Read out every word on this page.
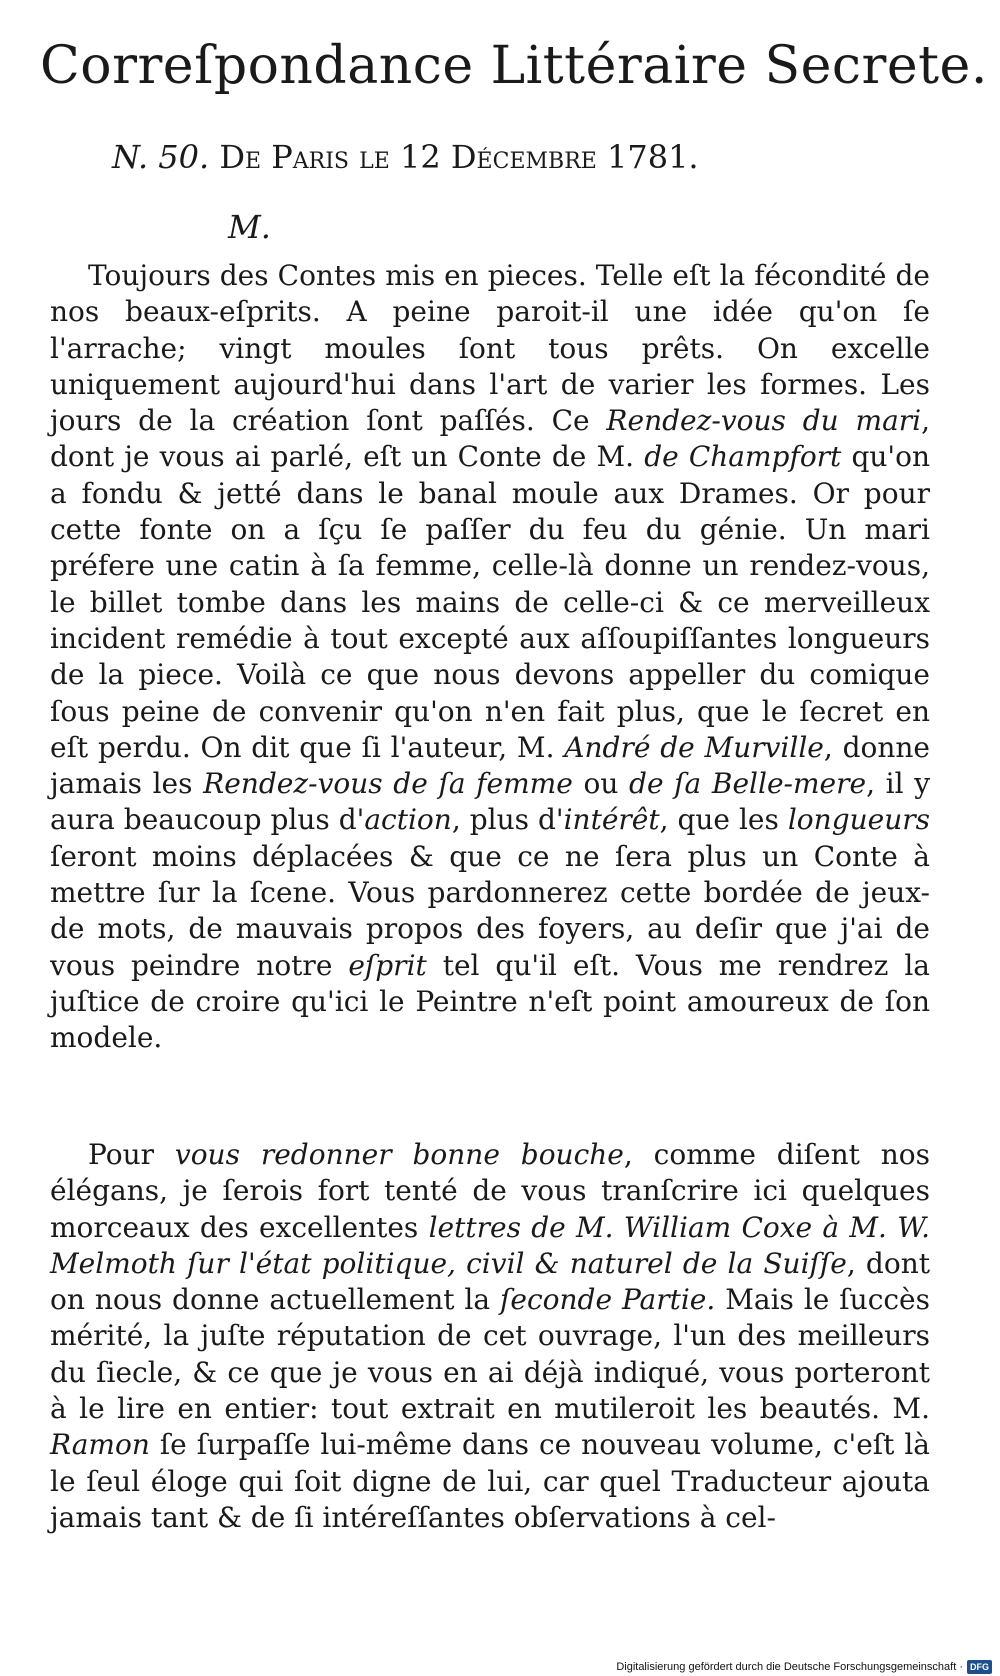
Correſpondance Littéraire Secrete.
N. 50. De Paris le 12 Décembre 1781.
M.

Toujours des Contes mis en pieces. Telle eſt la fécondité de nos beaux-eſprits. A peine paroit-il une idée qu'on ſe l'arrache; vingt moules ſont tous prêts. On excelle uniquement aujourd'hui dans l'art de varier les formes. Les jours de la création ſont paſſés. Ce Rendez-vous du mari, dont je vous ai parlé, eſt un Conte de M. de Champfort qu'on a fondu & jetté dans le banal moule aux Drames. Or pour cette fonte on a ſçu ſe paſſer du feu du génie. Un mari préfere une catin à ſa femme, celle-là donne un rendez-vous, le billet tombe dans les mains de celle-ci & ce merveilleux incident remédie à tout excepté aux aſſoupiſſantes longueurs de la piece. Voilà ce que nous devons appeller du comique ſous peine de convenir qu'on n'en fait plus, que le ſecret en eſt perdu. On dit que ſi l'auteur, M. André de Murville, donne jamais les Rendez-vous de ſa femme ou de ſa Belle-mere, il y aura beaucoup plus d'action, plus d'intérêt, que les longueurs ſeront moins déplacées & que ce ne ſera plus un Conte à mettre ſur la ſcene. Vous pardonnerez cette bordée de jeux-de mots, de mauvais propos des foyers, au deſir que j'ai de vous peindre notre eſprit tel qu'il eſt. Vous me rendrez la juſtice de croire qu'ici le Peintre n'eſt point amoureux de ſon modele.

Pour vous redonner bonne bouche, comme diſent nos élégans, je ſerois fort tenté de vous tranſcrire ici quelques morceaux des excellentes lettres de M. William Coxe à M. W. Melmoth ſur l'état politique, civil & naturel de la Suiſſe, dont on nous donne actuellement la ſeconde Partie. Mais le ſuccès mérité, la juſte réputation de cet ouvrage, l'un des meilleurs du ſiecle, & ce que je vous en ai déjà indiqué, vous porteront à le lire en entier: tout extrait en mutileroit les beautés. M. Ramon ſe ſurpaſſe lui-même dans ce nouveau volume, c'eſt là le ſeul éloge qui ſoit digne de lui, car quel Traducteur ajouta jamais tant & de ſi intéreſſantes obſervations à cel-

Digitalisierung gefördert durch die Deutsche Forschungsgemeinschaft · DFG
